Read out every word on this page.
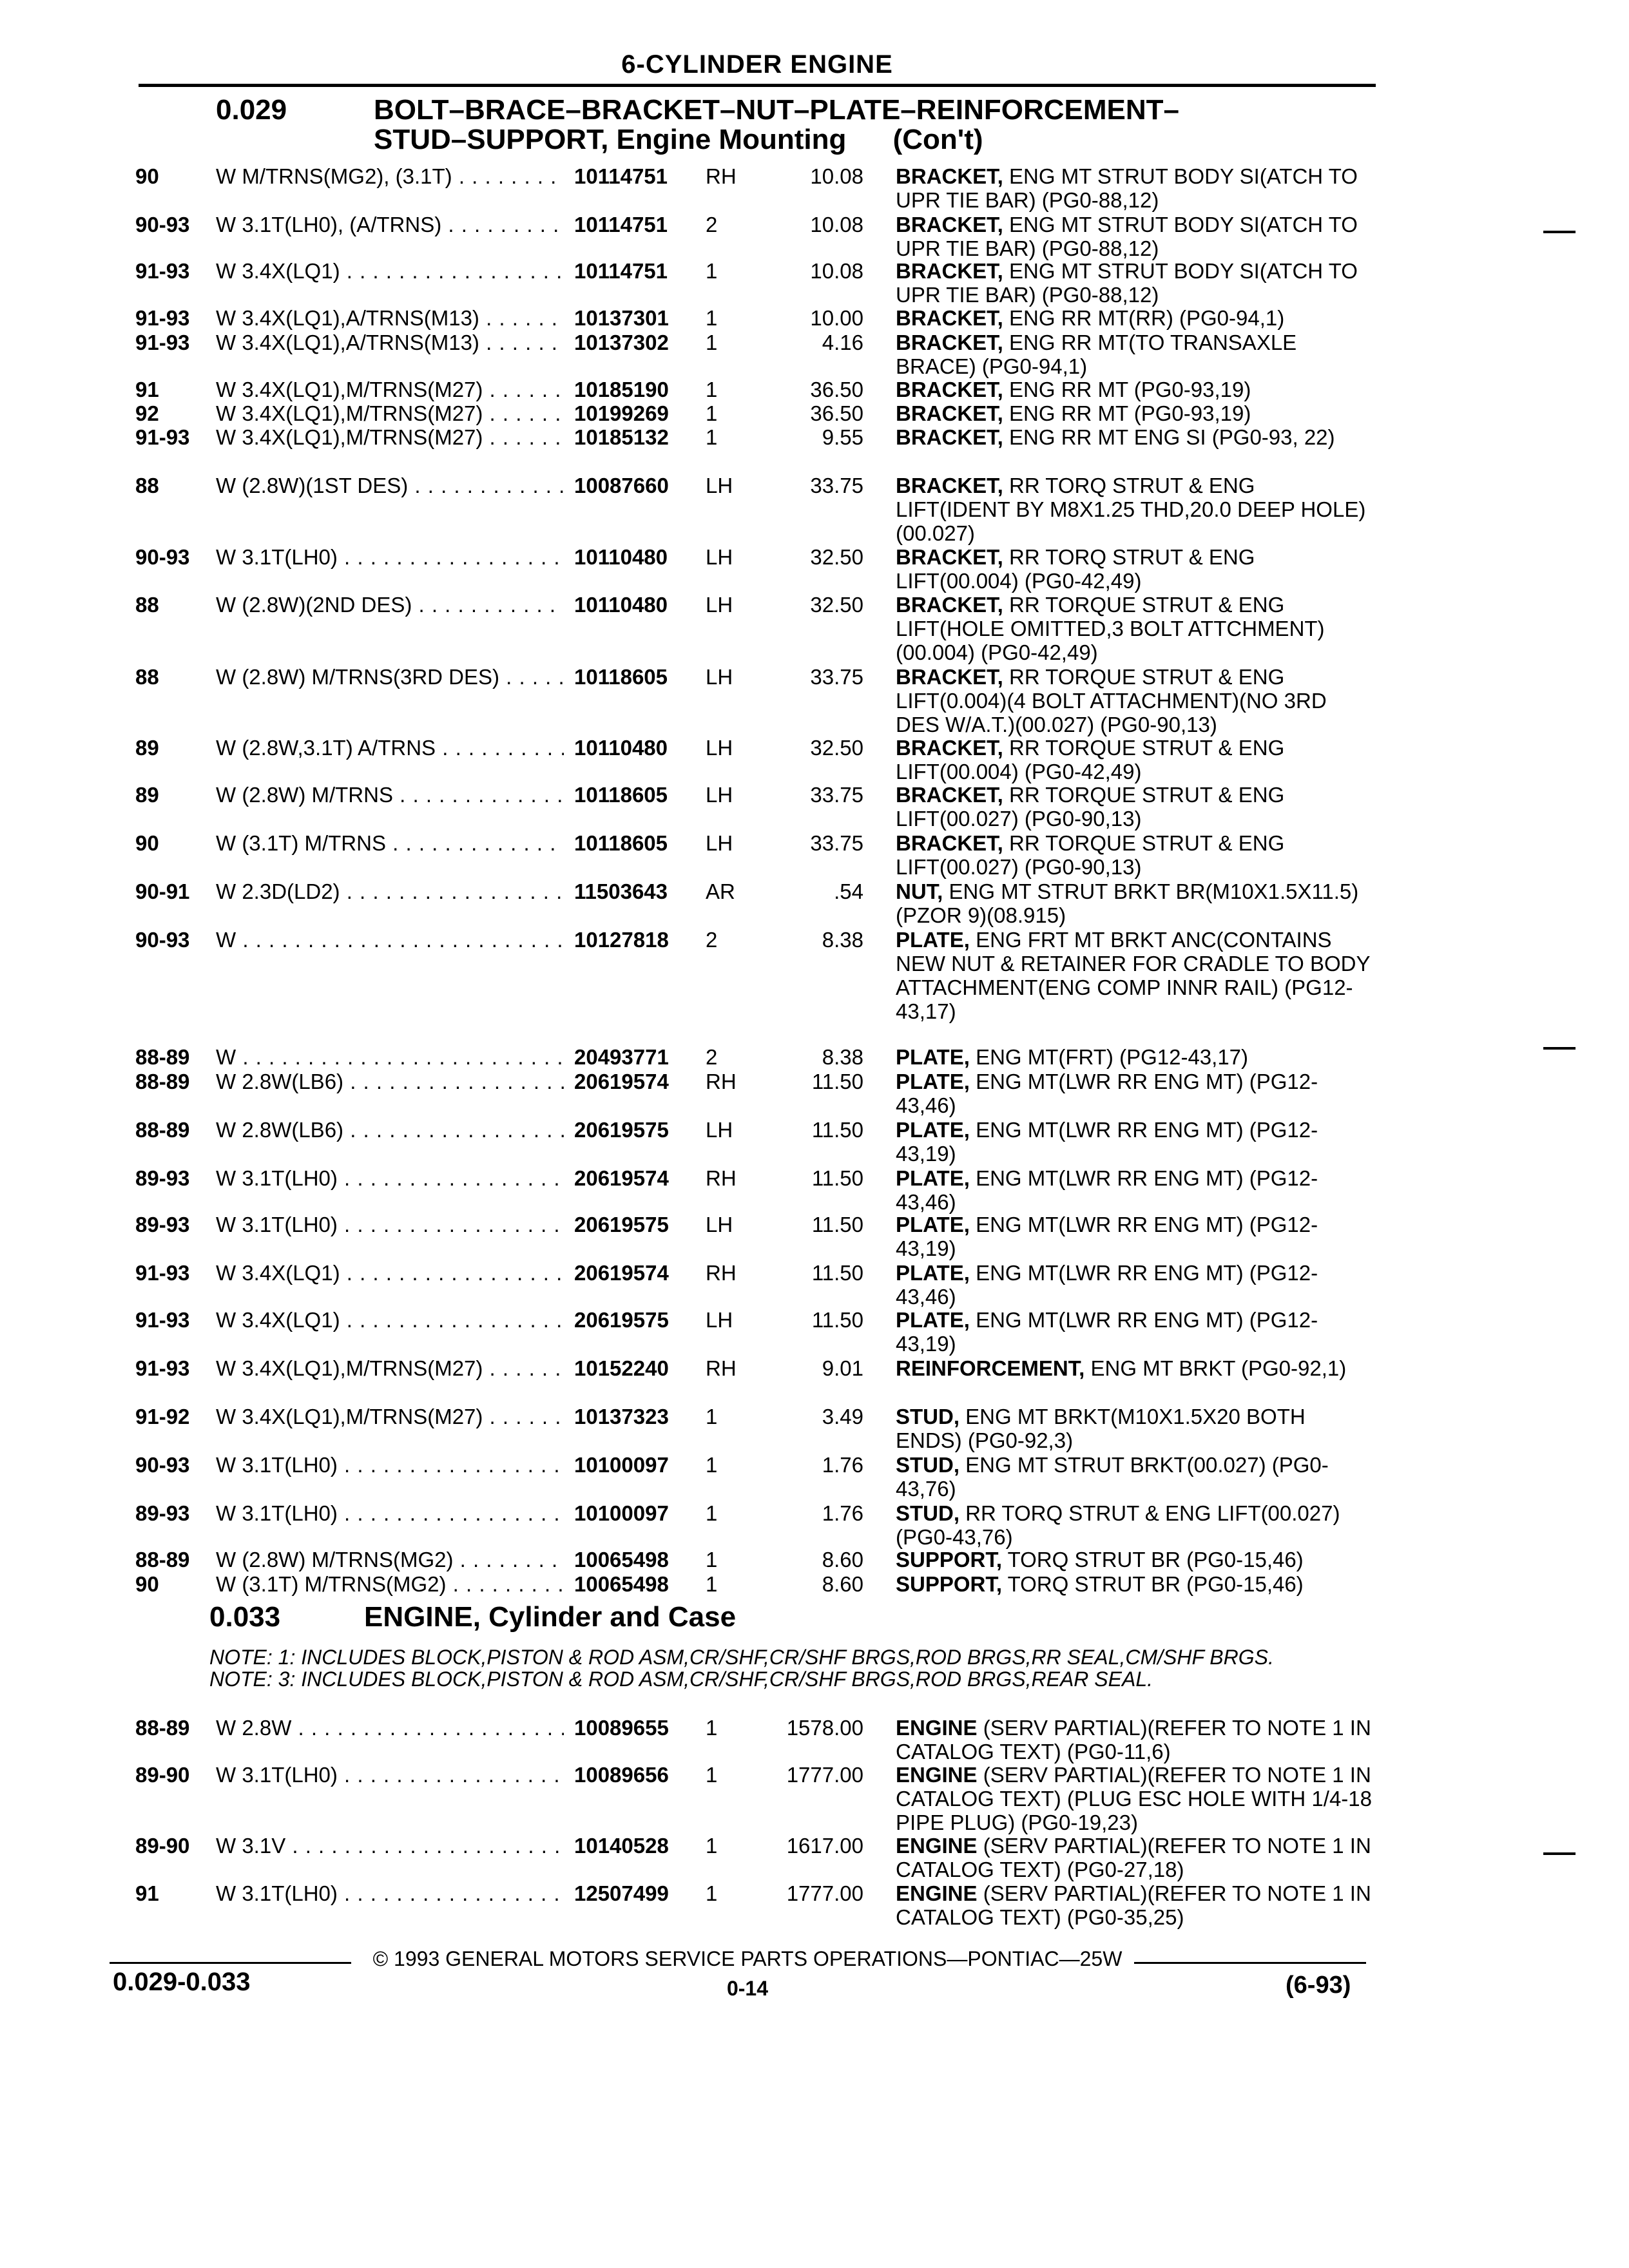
6-CYLINDER ENGINE
0.029	BOLT–BRACE–BRACKET–NUT–PLATE–REINFORCEMENT–
STUD–SUPPORT, Engine Mounting (Con't)
90	W M/TRNS(MG2), (3.1T) . . .	10114751 RH	10.08 BRACKET, ENG MT STRUT BODY SI(ATCH TO UPR TIE BAR) (PG0-88,12)
90-93 W 3.1T(LH0), (A/TRNS) . . .	10114751 2	10.08 BRACKET, ENG MT STRUT BODY SI(ATCH TO UPR TIE BAR) (PG0-88,12)
91-93 W 3.4X(LQ1) . . .	10114751 1	10.08 BRACKET, ENG MT STRUT BODY SI(ATCH TO UPR TIE BAR) (PG0-88,12)
91-93 W 3.4X(LQ1),A/TRNS(M13) . . .	10137301 1	10.00 BRACKET, ENG RR MT(RR) (PG0-94,1)
91-93 W 3.4X(LQ1),A/TRNS(M13) . . .	10137302 1	4.16 BRACKET, ENG RR MT(TO TRANSAXLE BRACE) (PG0-94,1)
91	W 3.4X(LQ1),M/TRNS(M27) . . .	10185190 1	36.50 BRACKET, ENG RR MT (PG0-93,19)
92	W 3.4X(LQ1),M/TRNS(M27) . . .	10199269 1	36.50 BRACKET, ENG RR MT (PG0-93,19)
91-93 W 3.4X(LQ1),M/TRNS(M27) . . .	10185132 1	9.55 BRACKET, ENG RR MT ENG SI (PG0-93, 22)
88	W (2.8W)(1ST DES) . . .	10087660 LH	33.75 BRACKET, RR TORQ STRUT & ENG LIFT(IDENT BY M8X1.25 THD,20.0 DEEP HOLE)(00.027)
90-93 W 3.1T(LH0) . . .	10110480 LH	32.50 BRACKET, RR TORQ STRUT & ENG LIFT(00.004) (PG0-42,49)
88	W (2.8W)(2ND DES) . . .	10110480 LH	32.50 BRACKET, RR TORQUE STRUT & ENG LIFT(HOLE OMITTED,3 BOLT ATTCHMENT)(00.004) (PG0-42,49)
88	W (2.8W) M/TRNS(3RD DES) . . .	10118605 LH	33.75 BRACKET, RR TORQUE STRUT & ENG LIFT(0.004)(4 BOLT ATTACHMENT)(NO 3RD DES W/A.T.)(00.027) (PG0-90,13)
89	W (2.8W,3.1T) A/TRNS . . .	10110480 LH	32.50 BRACKET, RR TORQUE STRUT & ENG LIFT(00.004) (PG0-42,49)
89	W (2.8W) M/TRNS . . .	10118605 LH	33.75 BRACKET, RR TORQUE STRUT & ENG LIFT(00.027) (PG0-90,13)
90	W (3.1T) M/TRNS . . .	10118605 LH	33.75 BRACKET, RR TORQUE STRUT & ENG LIFT(00.027) (PG0-90,13)
90-91 W 2.3D(LD2) . . .	11503643 AR	.54 NUT, ENG MT STRUT BRKT BR(M10X1.5X11.5)(PZOR 9)(08.915)
90-93 W . . .	10127818 2	8.38 PLATE, ENG FRT MT BRKT ANC(CONTAINS NEW NUT & RETAINER FOR CRADLE TO BODY ATTACHMENT(ENG COMP INNR RAIL) (PG12-43,17)
88-89 W . . .	20493771 2	8.38 PLATE, ENG MT(FRT) (PG12-43,17)
88-89 W 2.8W(LB6) . . .	20619574 RH	11.50 PLATE, ENG MT(LWR RR ENG MT) (PG12-43,46)
88-89 W 2.8W(LB6) . . .	20619575 LH	11.50 PLATE, ENG MT(LWR RR ENG MT) (PG12-43,19)
89-93 W 3.1T(LH0) . . .	20619574 RH	11.50 PLATE, ENG MT(LWR RR ENG MT) (PG12-43,46)
89-93 W 3.1T(LH0) . . .	20619575 LH	11.50 PLATE, ENG MT(LWR RR ENG MT) (PG12-43,19)
91-93 W 3.4X(LQ1) . . .	20619574 RH	11.50 PLATE, ENG MT(LWR RR ENG MT) (PG12-43,46)
91-93 W 3.4X(LQ1) . . .	20619575 LH	11.50 PLATE, ENG MT(LWR RR ENG MT) (PG12-43,19)
91-93 W 3.4X(LQ1),M/TRNS(M27) . . .	10152240 RH	9.01 REINFORCEMENT, ENG MT BRKT (PG0-92,1)
91-92 W 3.4X(LQ1),M/TRNS(M27) . . .	10137323 1	3.49 STUD, ENG MT BRKT(M10X1.5X20 BOTH ENDS) (PG0-92,3)
90-93 W 3.1T(LH0) . . .	10100097 1	1.76 STUD, ENG MT STRUT BRKT(00.027) (PG0-43,76)
89-93 W 3.1T(LH0) . . .	10100097 1	1.76 STUD, RR TORQ STRUT & ENG LIFT(00.027) (PG0-43,76)
88-89 W (2.8W) M/TRNS(MG2) . . .	10065498 1	8.60 SUPPORT, TORQ STRUT BR (PG0-15,46)
90	W (3.1T) M/TRNS(MG2) . . .	10065498 1	8.60 SUPPORT, TORQ STRUT BR (PG0-15,46)
0.033	ENGINE, Cylinder and Case
NOTE: 1: INCLUDES BLOCK,PISTON & ROD ASM,CR/SHF,CR/SHF BRGS,ROD BRGS,RR SEAL,CM/SHF BRGS.
NOTE: 3: INCLUDES BLOCK,PISTON & ROD ASM,CR/SHF,CR/SHF BRGS,ROD BRGS,REAR SEAL.
88-89 W 2.8W . . .	10089655 1	1578.00 ENGINE (SERV PARTIAL)(REFER TO NOTE 1 IN CATALOG TEXT) (PG0-11,6)
89-90 W 3.1T(LH0) . . .	10089656 1	1777.00 ENGINE (SERV PARTIAL)(REFER TO NOTE 1 IN CATALOG TEXT) (PLUG ESC HOLE WITH 1/4-18 PIPE PLUG) (PG0-19,23)
89-90 W 3.1V . . .	10140528 1	1617.00 ENGINE (SERV PARTIAL)(REFER TO NOTE 1 IN CATALOG TEXT) (PG0-27,18)
91	W 3.1T(LH0) . . .	12507499 1	1777.00 ENGINE (SERV PARTIAL)(REFER TO NOTE 1 IN CATALOG TEXT) (PG0-35,25)
© 1993 GENERAL MOTORS SERVICE PARTS OPERATIONS—PONTIAC—25W
0.029-0.033	0-14	(6-93)
